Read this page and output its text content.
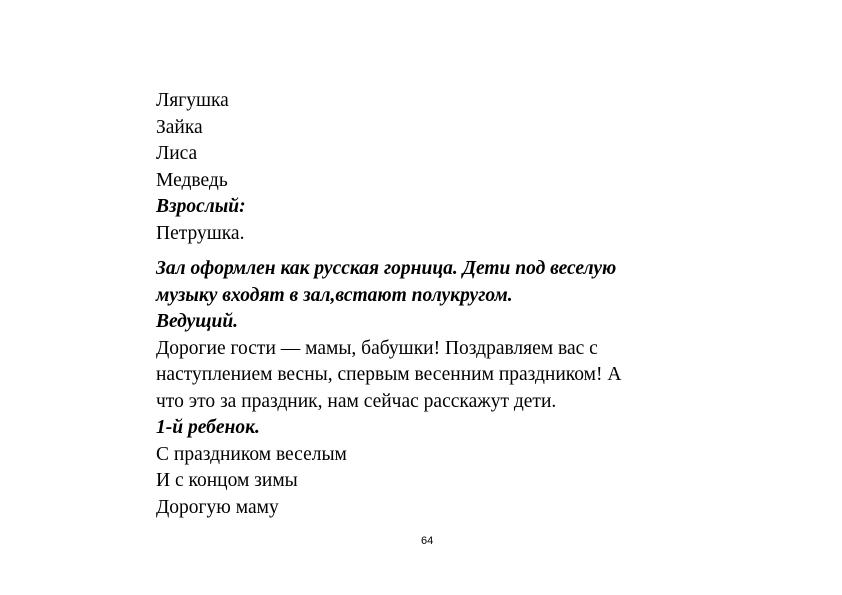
Лягушка
Зайка
Лиса
Медведь
Взрослый:
Петрушка.
Зал оформлен как русская горница. Дети под веселую
музыку входят в зал,встают полукругом.
Ведущий.
Дорогие гости — мамы, бабушки! Поздравляем вас с
наступлением весны, спервым весенним праздником! А
что это за праздник, нам сейчас расскажут дети.
1-й ребенок.
С праздником веселым
И с концом зимы
Дорогую маму
64
